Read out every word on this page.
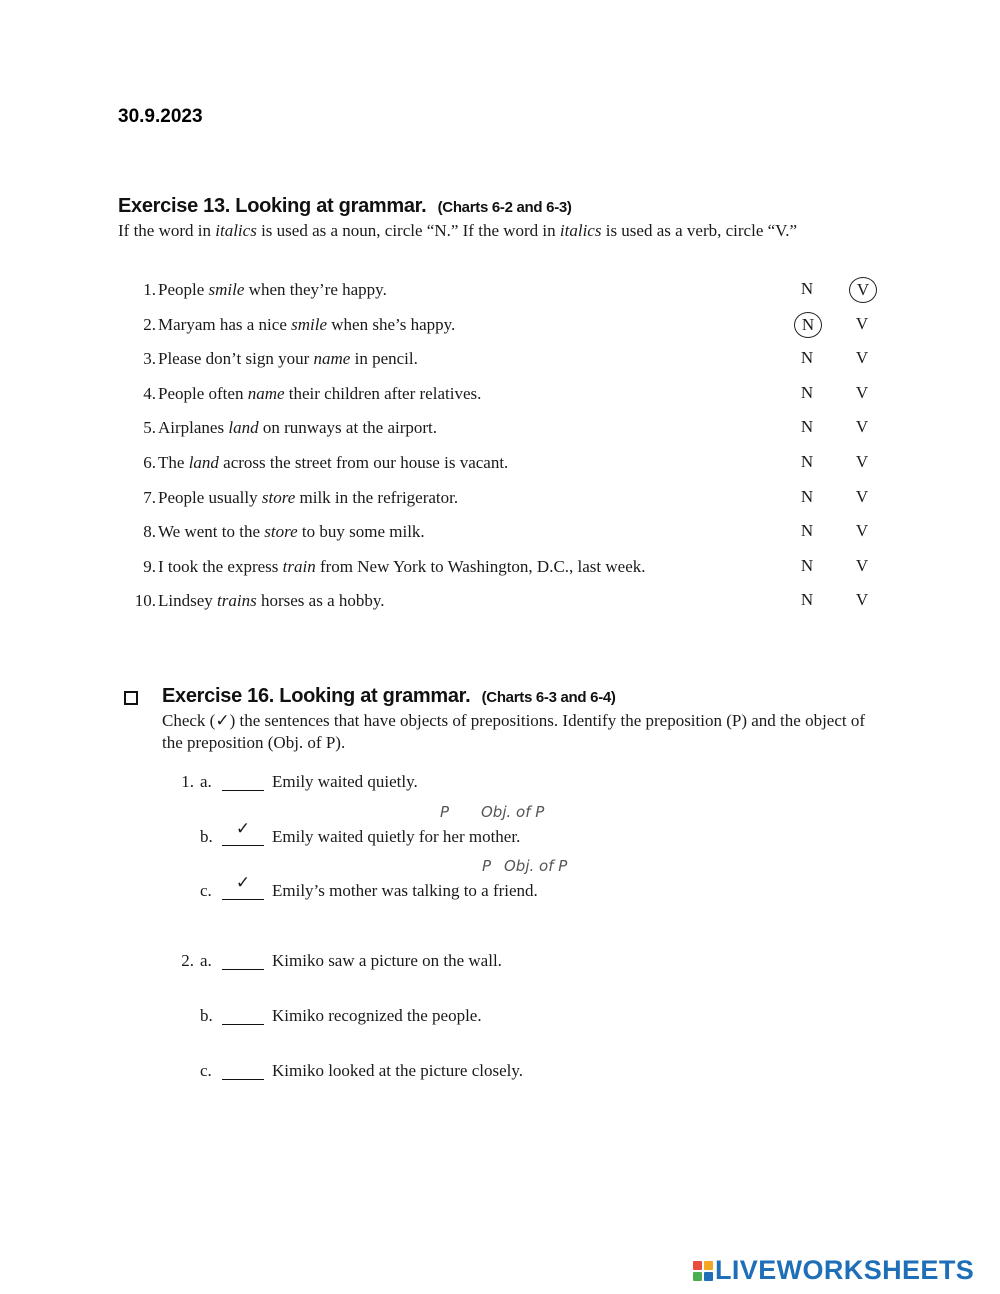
30.9.2023
Exercise 13. Looking at grammar. (Charts 6-2 and 6-3)
If the word in italics is used as a noun, circle “N.” If the word in italics is used as a verb, circle “V.”
1. People smile when they’re happy.	N	V
2. Maryam has a nice smile when she’s happy.	N	V
3. Please don’t sign your name in pencil.	N	V
4. People often name their children after relatives.	N	V
5. Airplanes land on runways at the airport.	N	V
6. The land across the street from our house is vacant.	N	V
7. People usually store milk in the refrigerator.	N	V
8. We went to the store to buy some milk.	N	V
9. I took the express train from New York to Washington, D.C., last week.	N	V
10. Lindsey trains horses as a hobby.	N	V
Exercise 16. Looking at grammar. (Charts 6-3 and 6-4)
Check (✓) the sentences that have objects of prepositions. Identify the preposition (P) and the object of the preposition (Obj. of P).
1. a.	Emily waited quietly.
b.	✓	Emily waited quietly for her mother.
c.	✓	Emily’s mother was talking to a friend.
2. a.	Kimiko saw a picture on the wall.
b.	Kimiko recognized the people.
c.	Kimiko looked at the picture closely.
P Obj. of P
P Obj. of P
LIVEWORKSHEETS
